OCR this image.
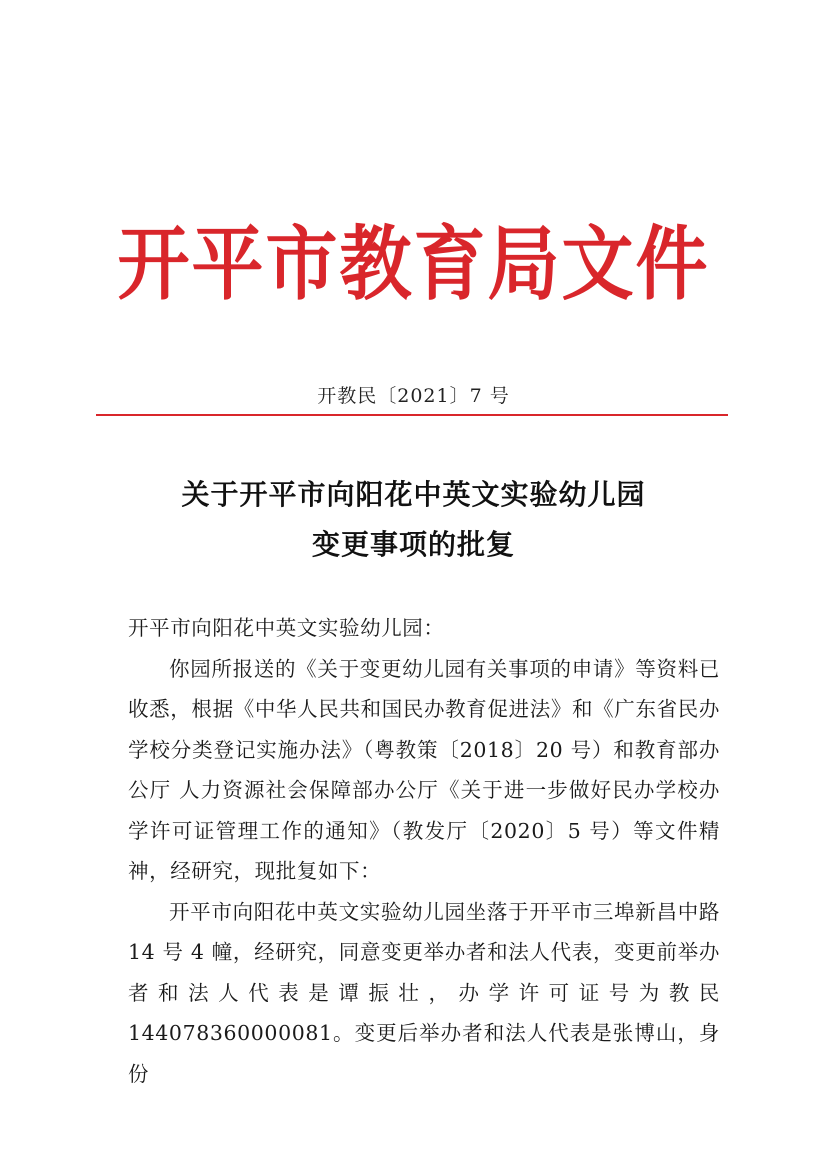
开平市教育局文件
开教民〔2021〕7 号
关于开平市向阳花中英文实验幼儿园
变更事项的批复

开平市向阳花中英文实验幼儿园：

你园所报送的《关于变更幼儿园有关事项的申请》等资料已收悉，根据《中华人民共和国民办教育促进法》和《广东省民办学校分类登记实施办法》（粤教策〔2018〕20 号）和教育部办公厅 人力资源社会保障部办公厅《关于进一步做好民办学校办学许可证管理工作的通知》（教发厅〔2020〕5 号）等文件精神，经研究，现批复如下：

开平市向阳花中英文实验幼儿园坐落于开平市三埠新昌中路 14 号 4 幢，经研究，同意变更举办者和法人代表，变更前举办者和法人代表是谭振壮，办学许可证号为教民 144078360000081。变更后举办者和法人代表是张博山，身份
